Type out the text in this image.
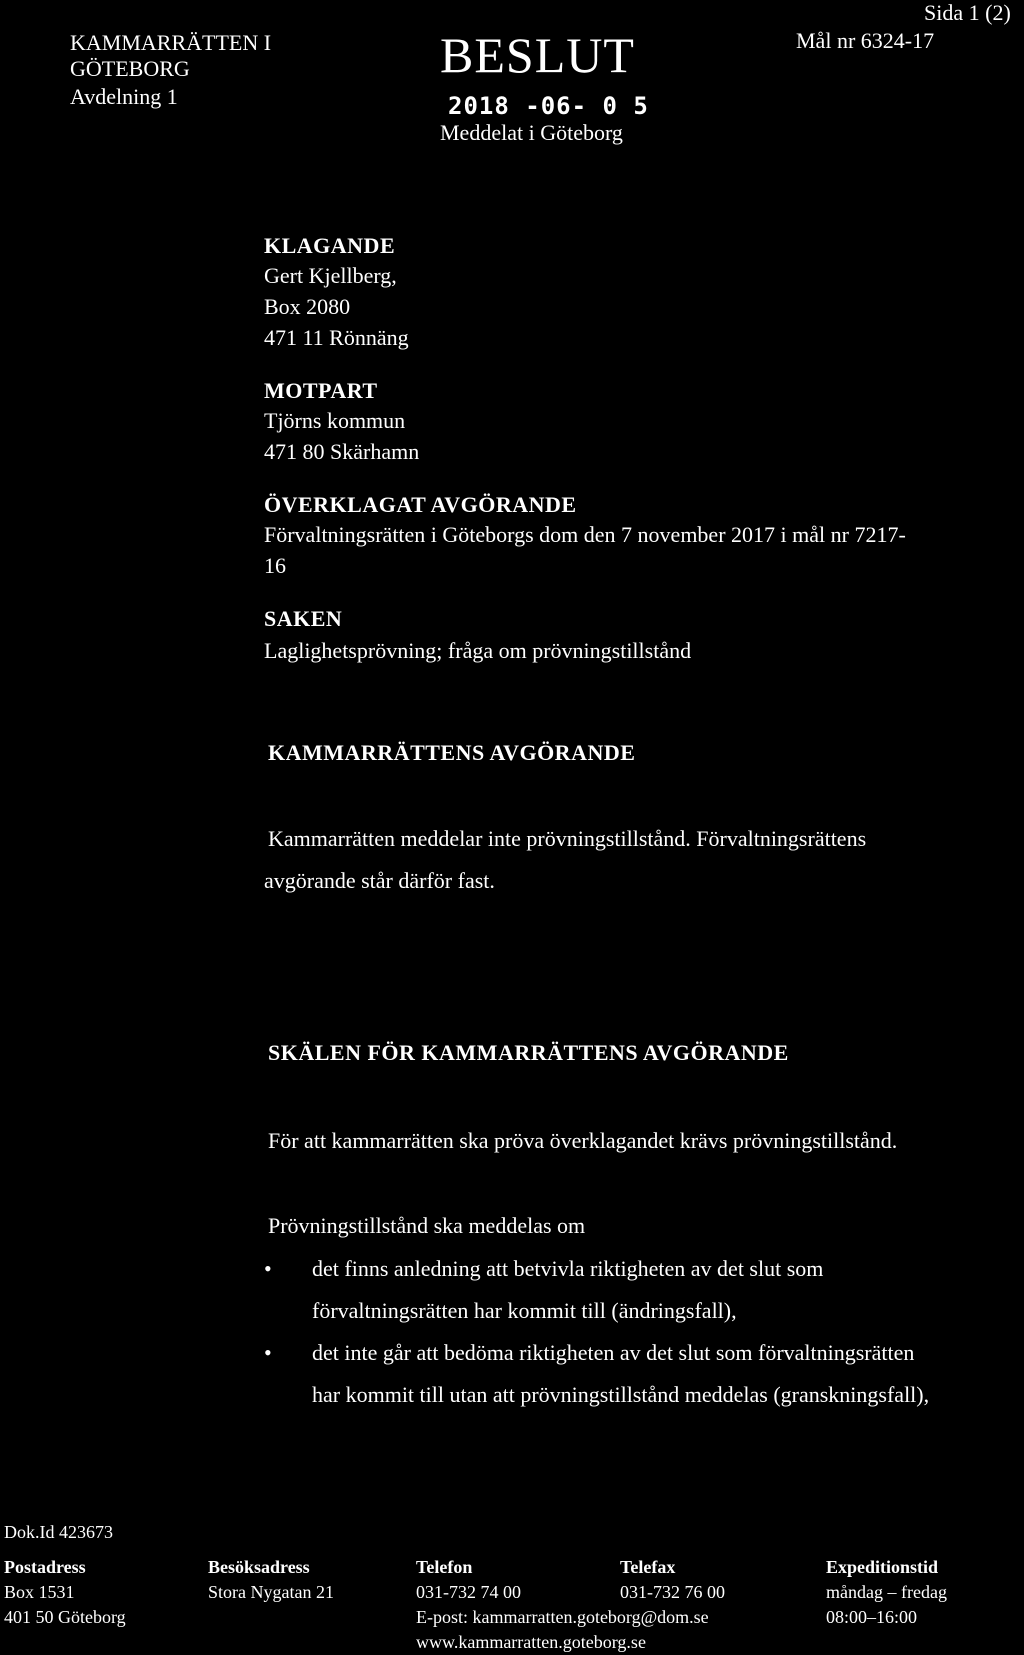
KAMMARRÄTTEN I
GÖTEBORG
Avdelning 1
BESLUT
2018 -06- 0 5
Meddelat i Göteborg
Sida 1 (2)
Mål nr 6324-17
KLAGANDE
Gert Kjellberg,
Box 2080
471 11 Rönnäng
MOTPART
Tjörns kommun
471 80 Skärhamn
ÖVERKLAGAT AVGÖRANDE
Förvaltningsrätten i Göteborgs dom den 7 november 2017 i mål nr 7217-
16
SAKEN
Laglighetsprövning; fråga om prövningstillstånd
KAMMARRÄTTENS AVGÖRANDE
Kammarrätten meddelar inte prövningstillstånd. Förvaltningsrättens
avgörande står därför fast.
SKÄLEN FÖR KAMMARRÄTTENS AVGÖRANDE
För att kammarrätten ska pröva överklagandet krävs prövningstillstånd.
Prövningstillstånd ska meddelas om
• det finns anledning att betvivla riktigheten av det slut som
förvaltningsrätten har kommit till (ändringsfall),
• det inte går att bedöma riktigheten av det slut som förvaltningsrätten
har kommit till utan att prövningstillstånd meddelas (granskningsfall),
Dok.Id 423673
Postadress
Box 1531
401 50 Göteborg
Besöksadress
Stora Nygatan 21
Telefon
031-732 74 00
E-post: kammarratten.goteborg@dom.se
www.kammarratten.goteborg.se
Telefax
031-732 76 00
Expeditionstid
måndag – fredag
08:00–16:00
